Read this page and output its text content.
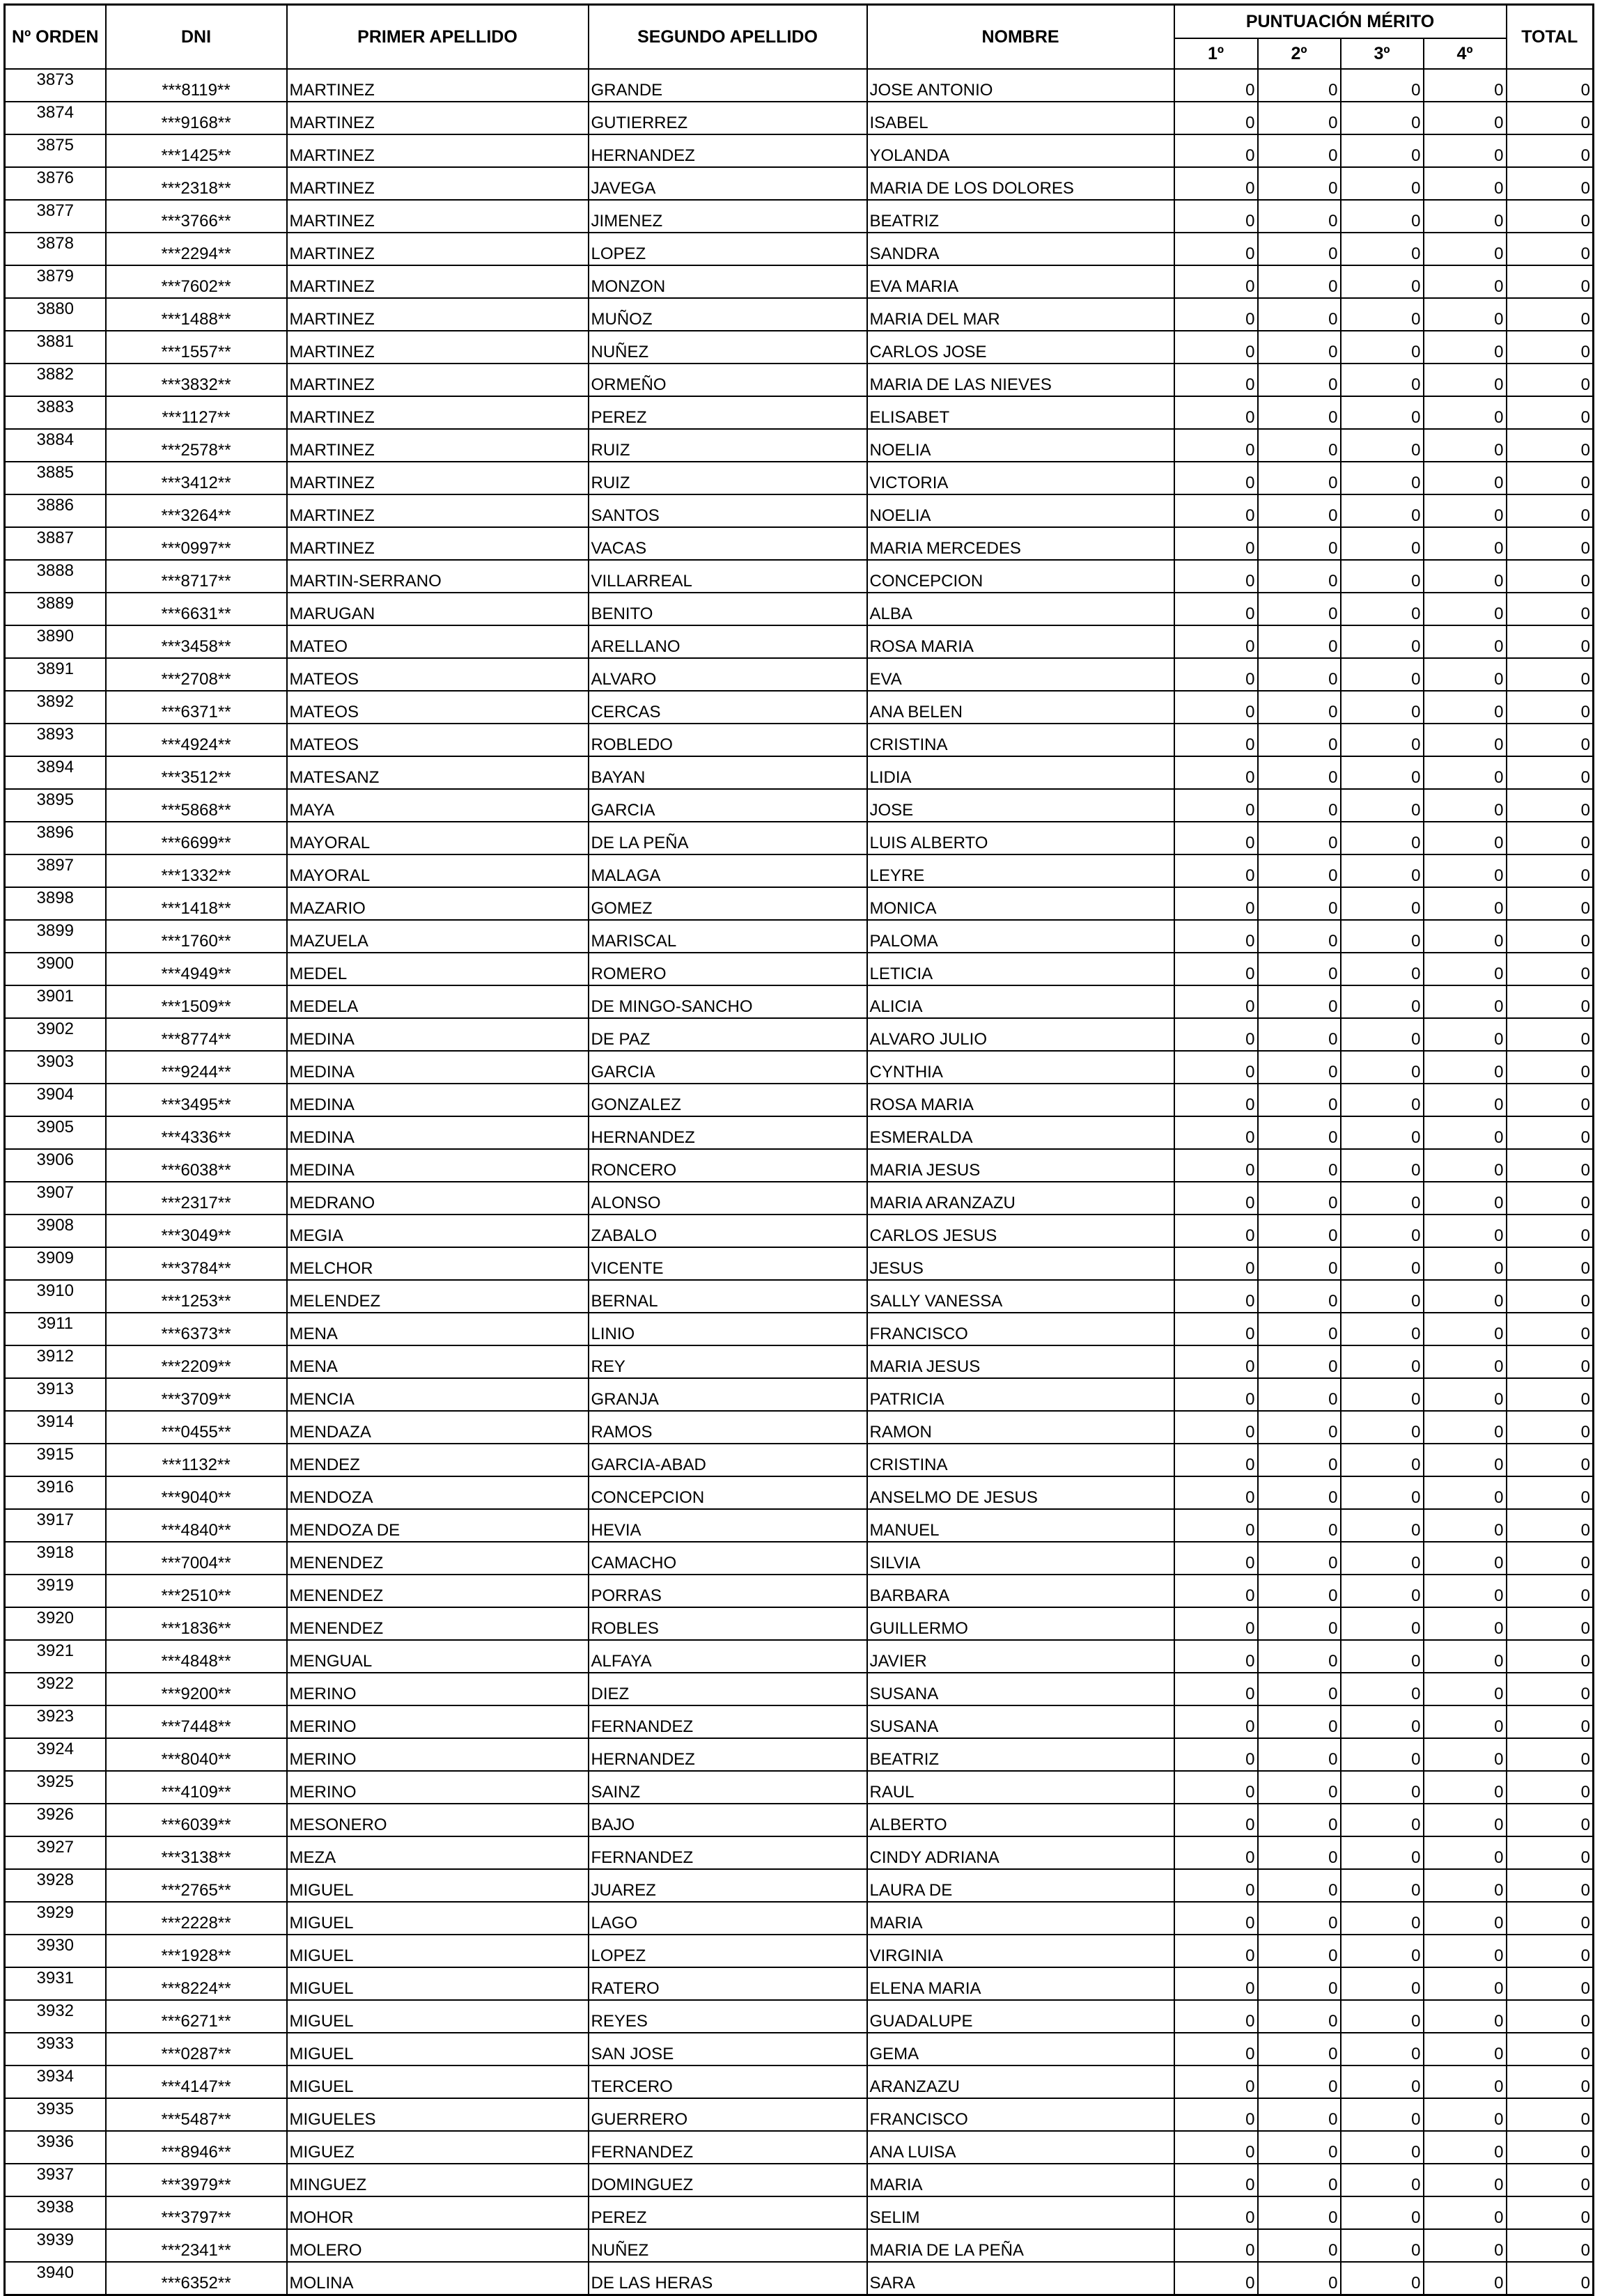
Nº ORDEN	DNI	PRIMER APELLIDO	SEGUNDO APELLIDO	NOMBRE	PUNTUACIÓN MÉRITO				TOTAL
					1º	2º	3º	4º	
3873	***8119**	MARTINEZ	GRANDE	JOSE ANTONIO	0	0	0	0	0
3874	***9168**	MARTINEZ	GUTIERREZ	ISABEL	0	0	0	0	0
3875	***1425**	MARTINEZ	HERNANDEZ	YOLANDA	0	0	0	0	0
3876	***2318**	MARTINEZ	JAVEGA	MARIA DE LOS DOLORES	0	0	0	0	0
3877	***3766**	MARTINEZ	JIMENEZ	BEATRIZ	0	0	0	0	0
3878	***2294**	MARTINEZ	LOPEZ	SANDRA	0	0	0	0	0
3879	***7602**	MARTINEZ	MONZON	EVA MARIA	0	0	0	0	0
3880	***1488**	MARTINEZ	MUÑOZ	MARIA DEL MAR	0	0	0	0	0
3881	***1557**	MARTINEZ	NUÑEZ	CARLOS JOSE	0	0	0	0	0
3882	***3832**	MARTINEZ	ORMEÑO	MARIA DE LAS NIEVES	0	0	0	0	0
3883	***1127**	MARTINEZ	PEREZ	ELISABET	0	0	0	0	0
3884	***2578**	MARTINEZ	RUIZ	NOELIA	0	0	0	0	0
3885	***3412**	MARTINEZ	RUIZ	VICTORIA	0	0	0	0	0
3886	***3264**	MARTINEZ	SANTOS	NOELIA	0	0	0	0	0
3887	***0997**	MARTINEZ	VACAS	MARIA MERCEDES	0	0	0	0	0
3888	***8717**	MARTIN-SERRANO	VILLARREAL	CONCEPCION	0	0	0	0	0
3889	***6631**	MARUGAN	BENITO	ALBA	0	0	0	0	0
3890	***3458**	MATEO	ARELLANO	ROSA MARIA	0	0	0	0	0
3891	***2708**	MATEOS	ALVARO	EVA	0	0	0	0	0
3892	***6371**	MATEOS	CERCAS	ANA BELEN	0	0	0	0	0
3893	***4924**	MATEOS	ROBLEDO	CRISTINA	0	0	0	0	0
3894	***3512**	MATESANZ	BAYAN	LIDIA	0	0	0	0	0
3895	***5868**	MAYA	GARCIA	JOSE	0	0	0	0	0
3896	***6699**	MAYORAL	DE LA PEÑA	LUIS ALBERTO	0	0	0	0	0
3897	***1332**	MAYORAL	MALAGA	LEYRE	0	0	0	0	0
3898	***1418**	MAZARIO	GOMEZ	MONICA	0	0	0	0	0
3899	***1760**	MAZUELA	MARISCAL	PALOMA	0	0	0	0	0
3900	***4949**	MEDEL	ROMERO	LETICIA	0	0	0	0	0
3901	***1509**	MEDELA	DE MINGO-SANCHO	ALICIA	0	0	0	0	0
3902	***8774**	MEDINA	DE PAZ	ALVARO JULIO	0	0	0	0	0
3903	***9244**	MEDINA	GARCIA	CYNTHIA	0	0	0	0	0
3904	***3495**	MEDINA	GONZALEZ	ROSA MARIA	0	0	0	0	0
3905	***4336**	MEDINA	HERNANDEZ	ESMERALDA	0	0	0	0	0
3906	***6038**	MEDINA	RONCERO	MARIA JESUS	0	0	0	0	0
3907	***2317**	MEDRANO	ALONSO	MARIA ARANZAZU	0	0	0	0	0
3908	***3049**	MEGIA	ZABALO	CARLOS JESUS	0	0	0	0	0
3909	***3784**	MELCHOR	VICENTE	JESUS	0	0	0	0	0
3910	***1253**	MELENDEZ	BERNAL	SALLY VANESSA	0	0	0	0	0
3911	***6373**	MENA	LINIO	FRANCISCO	0	0	0	0	0
3912	***2209**	MENA	REY	MARIA JESUS	0	0	0	0	0
3913	***3709**	MENCIA	GRANJA	PATRICIA	0	0	0	0	0
3914	***0455**	MENDAZA	RAMOS	RAMON	0	0	0	0	0
3915	***1132**	MENDEZ	GARCIA-ABAD	CRISTINA	0	0	0	0	0
3916	***9040**	MENDOZA	CONCEPCION	ANSELMO DE JESUS	0	0	0	0	0
3917	***4840**	MENDOZA DE	HEVIA	MANUEL	0	0	0	0	0
3918	***7004**	MENENDEZ	CAMACHO	SILVIA	0	0	0	0	0
3919	***2510**	MENENDEZ	PORRAS	BARBARA	0	0	0	0	0
3920	***1836**	MENENDEZ	ROBLES	GUILLERMO	0	0	0	0	0
3921	***4848**	MENGUAL	ALFAYA	JAVIER	0	0	0	0	0
3922	***9200**	MERINO	DIEZ	SUSANA	0	0	0	0	0
3923	***7448**	MERINO	FERNANDEZ	SUSANA	0	0	0	0	0
3924	***8040**	MERINO	HERNANDEZ	BEATRIZ	0	0	0	0	0
3925	***4109**	MERINO	SAINZ	RAUL	0	0	0	0	0
3926	***6039**	MESONERO	BAJO	ALBERTO	0	0	0	0	0
3927	***3138**	MEZA	FERNANDEZ	CINDY ADRIANA	0	0	0	0	0
3928	***2765**	MIGUEL	JUAREZ	LAURA DE	0	0	0	0	0
3929	***2228**	MIGUEL	LAGO	MARIA	0	0	0	0	0
3930	***1928**	MIGUEL	LOPEZ	VIRGINIA	0	0	0	0	0
3931	***8224**	MIGUEL	RATERO	ELENA MARIA	0	0	0	0	0
3932	***6271**	MIGUEL	REYES	GUADALUPE	0	0	0	0	0
3933	***0287**	MIGUEL	SAN JOSE	GEMA	0	0	0	0	0
3934	***4147**	MIGUEL	TERCERO	ARANZAZU	0	0	0	0	0
3935	***5487**	MIGUELES	GUERRERO	FRANCISCO	0	0	0	0	0
3936	***8946**	MIGUEZ	FERNANDEZ	ANA LUISA	0	0	0	0	0
3937	***3979**	MINGUEZ	DOMINGUEZ	MARIA	0	0	0	0	0
3938	***3797**	MOHOR	PEREZ	SELIM	0	0	0	0	0
3939	***2341**	MOLERO	NUÑEZ	MARIA DE LA PEÑA	0	0	0	0	0
3940	***6352**	MOLINA	DE LAS HERAS	SARA	0	0	0	0	0
